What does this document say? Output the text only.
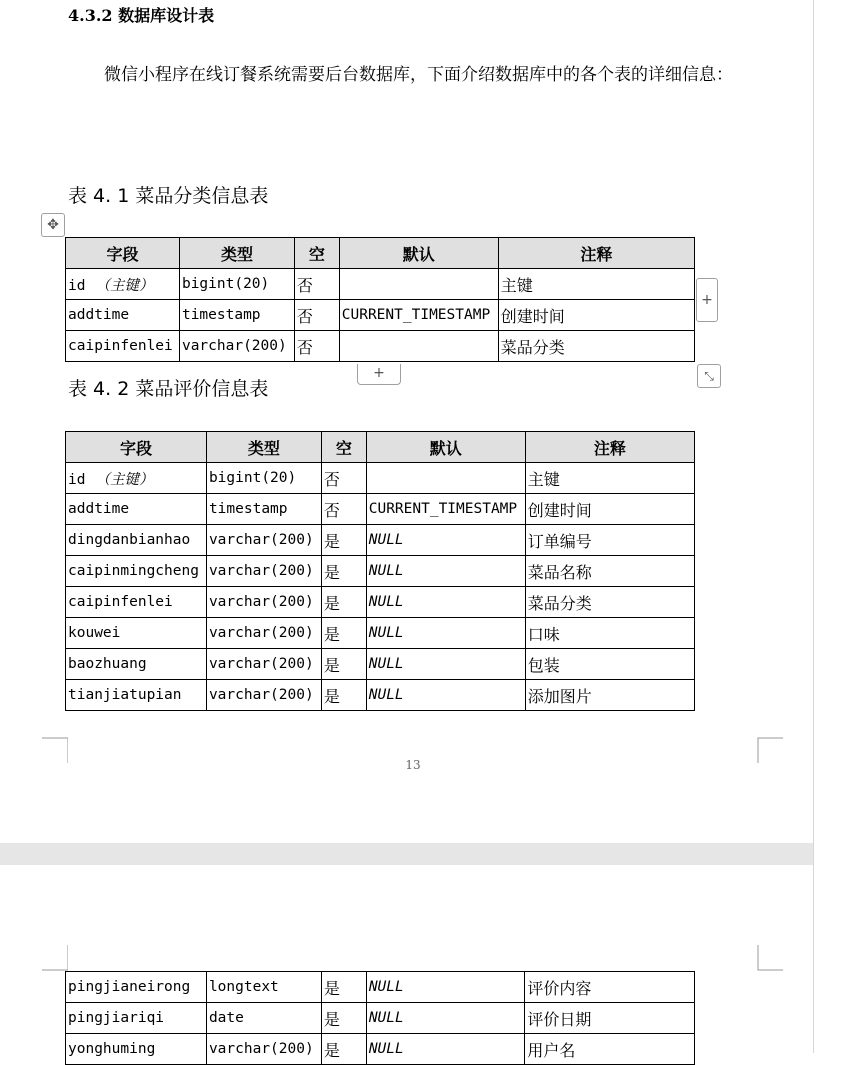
4.3.2 数据库设计表
微信小程序在线订餐系统需要后台数据库，下面介绍数据库中的各个表的详细信息：
表 4. 1 菜品分类信息表
✥
字段	类型	空	默认	注释
id （主键）	bigint(20)	否		主键
addtime	timestamp	否	CURRENT_TIMESTAMP	创建时间
caipinfenlei	varchar(200)	否		菜品分类
+
+	⤡
表 4. 2 菜品评价信息表
字段	类型	空	默认	注释
id （主键）	bigint(20)	否		主键
addtime	timestamp	否	CURRENT_TIMESTAMP	创建时间
dingdanbianhao	varchar(200)	是	NULL	订单编号
caipinmingcheng	varchar(200)	是	NULL	菜品名称
caipinfenlei	varchar(200)	是	NULL	菜品分类
kouwei	varchar(200)	是	NULL	口味
baozhuang	varchar(200)	是	NULL	包装
tianjiatupian	varchar(200)	是	NULL	添加图片
13
pingjianeirong	longtext	是	NULL	评价内容
pingjiariqi	date	是	NULL	评价日期
yonghuming	varchar(200)	是	NULL	用户名
